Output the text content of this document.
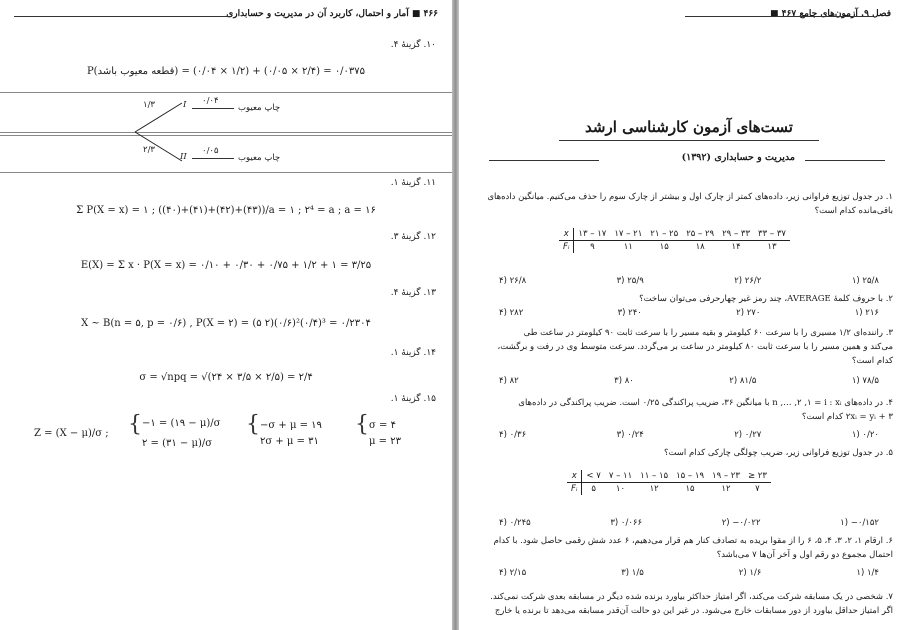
۴۶۶ ■ آمار و احتمال، کاربرد آن در مدیریت و حسابداری
۱۰. گزینهٔ ۴.
P(قطعه معیوب باشد) = (۱/۲ × ۰/۰۴) + (۲/۴ × ۰/۰۵) = ۰/۰۳۷۵
۱/۳
۲/۳
I
II
۰/۰۴
چاپ معیوب
۰/۰۵
چاپ معیوب
۱۱. گزینهٔ ۱.
Σ P(X = x) = ۱ ; ((۴۰)+(۴۱)+(۴۲)+(۴۳))/a = ۱ ; ۲⁴ = a ; a = ۱۶
۱۲. گزینهٔ ۳.
E(X) = Σ x · P(X = x) = ۰/۱۰ + ۰/۳۰ + ۰/۷۵ + ۱/۲ + ۱ = ۳/۲۵
۱۳. گزینهٔ ۴.
X ~ B(n = ۵, p = ۰/۶) , P(X = ۲) = (۵ ۲)(۰/۶)²(۰/۴)³ = ۰/۲۳۰۴
۱۴. گزینهٔ ۱.
σ = √npq = √(۲۴ × ۳/۵ × ۲/۵) = ۲/۴
۱۵. گزینهٔ ۱.
Z = (X − μ)/σ ; { −۱ = (۱۹ − μ)/σ
۲ = (۳۱ − μ)/σ
{ −σ + μ = ۱۹
۲σ + μ = ۳۱
{ σ = ۴
μ = ۲۳
فصل ۹. آزمون‌های جامع ۴۶۷ ■
تست‌های آزمون کارشناسی ارشد
مدیریت و حسابداری (۱۳۹۲)
۱. در جدول توزیع فراوانی زیر، داده‌های کمتر از چارک اول و بیشتر از چارک سوم را حذف می‌کنیم. میانگین داده‌های
باقی‌مانده کدام است؟
x	۱۳ – ۱۷	۱۷ – ۲۱	۲۱ – ۲۵	۲۵ – ۲۹	۲۹ – ۳۳	۳۳ – ۳۷
Fᵢ	۹	۱۱	۱۵	۱۸	۱۴	۱۳
۴) ۲۶/۸	۳) ۲۵/۹	۲) ۲۶/۲	۱) ۲۵/۸
۲. با حروف کلمهٔ AVERAGE، چند رمز غیر چهارحرفی می‌توان ساخت؟
۴) ۲۸۲	۳) ۲۴۰	۲) ۲۷۰	۱) ۲۱۶
۳. راننده‌ای ۱/۲ مسیری را با سرعت ۶۰ کیلومتر و بقیه مسیر را با سرعت ثابت ۹۰ کیلومتر در ساعت طی
می‌کند و همین مسیر را با سرعت ثابت ۸۰ کیلومتر در ساعت بر می‌گردد. سرعت متوسط وی در رفت و برگشت،
کدام است؟
۴) ۸۲	۳) ۸۰	۲) ۸۱/۵	۱) ۷۸/۵
۴. در داده‌های n ,… ,۲ ,۱ = i : xᵢ با میانگین ۳۶، ضریب پراکندگی ۰/۲۵ است. ضریب پراکندگی در داده‌های
۳ + ۲xᵢ = yᵢ کدام است؟
۴) ۰/۳۶	۳) ۰/۲۴	۲) ۰/۲۷	۱) ۰/۲۰
۵. در جدول توزیع فراوانی زیر، ضریب چولگی چارکی کدام است؟
x	< ۷	۷ – ۱۱	۱۱ – ۱۵	۱۵ – ۱۹	۱۹ – ۲۳	≥ ۲۳
Fᵢ	۵	۱۰	۱۲	۱۵	۱۲	۷
۴) ۰/۲۴۵	۳) ۰/۰۶۶	۲) −۰/۰۲۲	۱) −۰/۱۵۲
۶. ارقام ۱، ۲، ۳، ۴، ۵، ۶ را از مقوا بریده به تصادف کنار هم قرار می‌دهیم، ۶ عدد شش رقمی حاصل شود. با کدام
احتمال مجموع دو رقم اول و آخر آن‌ها ۷ می‌باشد؟
۴) ۲/۱۵	۳) ۱/۵	۲) ۱/۶	۱) ۱/۴
۷. شخصی در یک مسابقه شرکت می‌کند، اگر امتیاز حداکثر بیاورد برنده شده دیگر در مسابقه بعدی شرکت نمی‌کند.
اگر امتیاز حداقل بیاورد از دور مسابقات خارج می‌شود. در غیر این دو حالت آن‌قدر مسابقه می‌دهد تا برنده یا خارج
